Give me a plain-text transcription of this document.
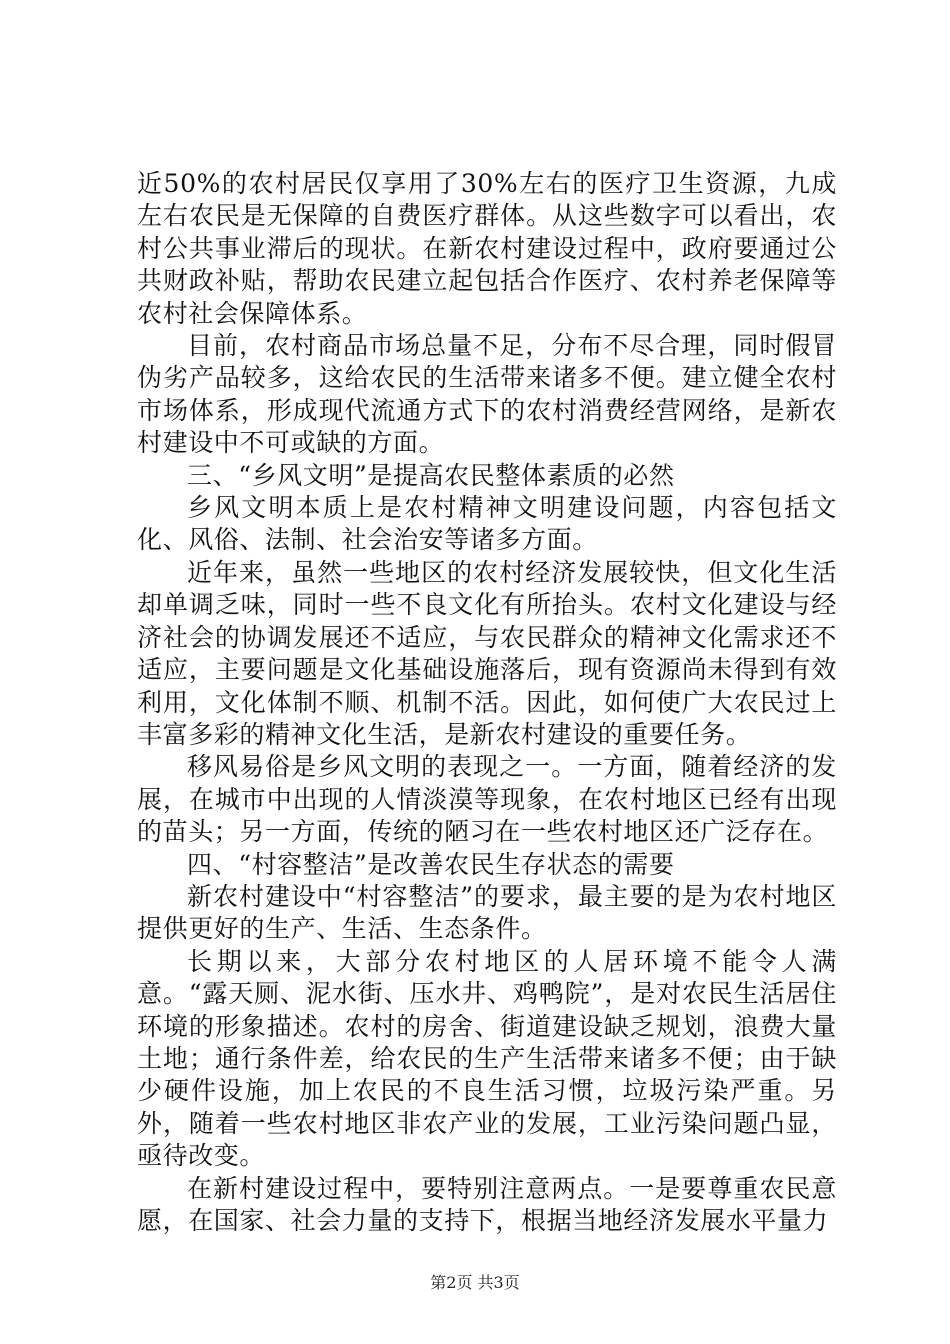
近50%的农村居民仅享用了30%左右的医疗卫生资源，九成左右农民是无保障的自费医疗群体。从这些数字可以看出，农村公共事业滞后的现状。在新农村建设过程中，政府要通过公共财政补贴，帮助农民建立起包括合作医疗、农村养老保障等农村社会保障体系。

目前，农村商品市场总量不足，分布不尽合理，同时假冒伪劣产品较多，这给农民的生活带来诸多不便。建立健全农村市场体系，形成现代流通方式下的农村消费经营网络，是新农村建设中不可或缺的方面。

三、“乡风文明”是提高农民整体素质的必然

乡风文明本质上是农村精神文明建设问题，内容包括文化、风俗、法制、社会治安等诸多方面。

近年来，虽然一些地区的农村经济发展较快，但文化生活却单调乏味，同时一些不良文化有所抬头。农村文化建设与经济社会的协调发展还不适应，与农民群众的精神文化需求还不适应，主要问题是文化基础设施落后，现有资源尚未得到有效利用，文化体制不顺、机制不活。因此，如何使广大农民过上丰富多彩的精神文化生活，是新农村建设的重要任务。

移风易俗是乡风文明的表现之一。一方面，随着经济的发展，在城市中出现的人情淡漠等现象，在农村地区已经有出现的苗头；另一方面，传统的陋习在一些农村地区还广泛存在。

四、“村容整洁”是改善农民生存状态的需要

新农村建设中“村容整洁”的要求，最主要的是为农村地区提供更好的生产、生活、生态条件。

长期以来，大部分农村地区的人居环境不能令人满意。“露天厕、泥水街、压水井、鸡鸭院”，是对农民生活居住环境的形象描述。农村的房舍、街道建设缺乏规划，浪费大量土地；通行条件差，给农民的生产生活带来诸多不便；由于缺少硬件设施，加上农民的不良生活习惯，垃圾污染严重。另外，随着一些农村地区非农产业的发展，工业污染问题凸显，亟待改变。

在新村建设过程中，要特别注意两点。一是要尊重农民意愿，在国家、社会力量的支持下，根据当地经济发展水平量力

第2页 共3页
